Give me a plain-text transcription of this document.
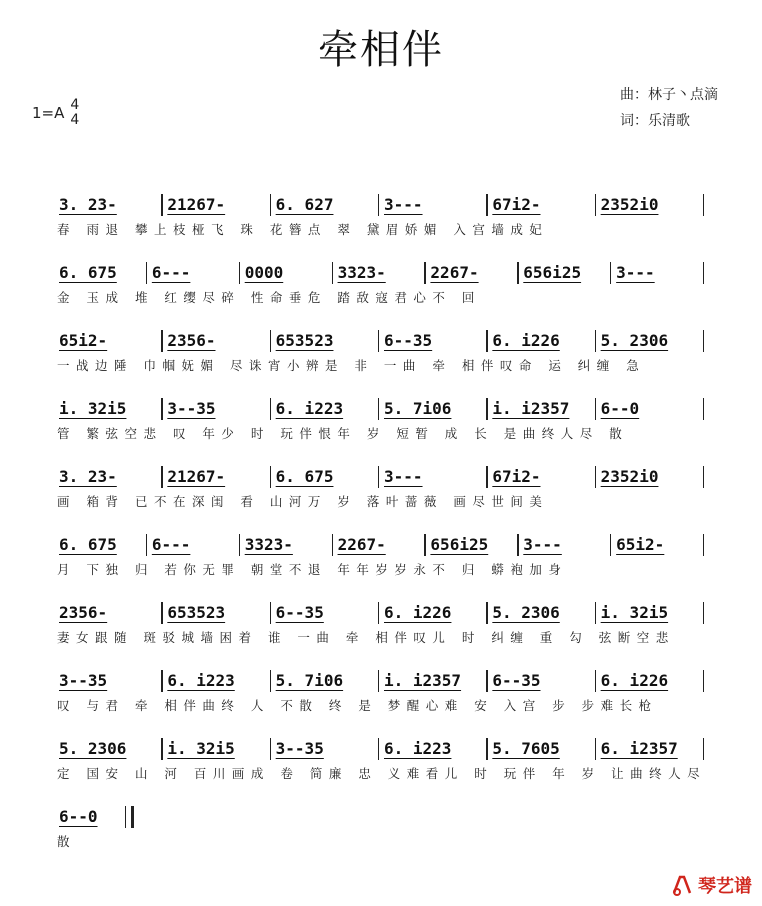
牵相伴
1=A 4
4
曲：林子丶点滴
词：乐清歌
3. 23-	21267-	6. 627	3---	67i2-	2352i0
春 雨退 攀上枝桠飞 珠 花簪点 翠 黛眉娇媚 入宫墙成妃
6. 675	6---	0000	3323-	2267-	656i25	3---
金 玉成 堆 红缨尽碎 性命垂危 踏敌寇君心不 回
65i2-	2356-	653523	6--35	6. i226	5. 2306
一战边陲 巾帼妩媚 尽诛宵小辨是 非 一曲 牵 相伴叹命 运 纠缠 急
i. 32i5	3--35	6. i223	5. 7i06	i. i2357	6--0
管 繁弦空悲 叹 年少 时 玩伴恨年 岁 短暂 成 长 是曲终人尽 散
3. 23-	21267-	6. 675	3---	67i2-	2352i0
画 箱背 已不在深闺 看 山河万 岁 落叶蔷薇 画尽世间美
6. 675	6---	3323-	2267-	656i25	3---	65i2-
月 下独 归 若你无罪 朝堂不退 年年岁岁永不 归 蟒袍加身
2356-	653523	6--35	6. i226	5. 2306	i. 32i5
妻女跟随 斑驳城墙困着 谁 一曲 牵 相伴叹儿 时 纠缠 重 勾 弦断空悲
3--35	6. i223	5. 7i06	i. i2357	6--35	6. i226
叹 与君 牵 相伴曲终 人 不散 终 是 梦醒心难 安 入宫 步 步难长枪
5. 2306	i. 32i5	3--35	6. i223	5. 7605	6. i2357
定 国安 山 河 百川画成 卷 简廉 忠 义难看儿 时 玩伴 年 岁 让曲终人尽
6--0
散
琴艺谱
